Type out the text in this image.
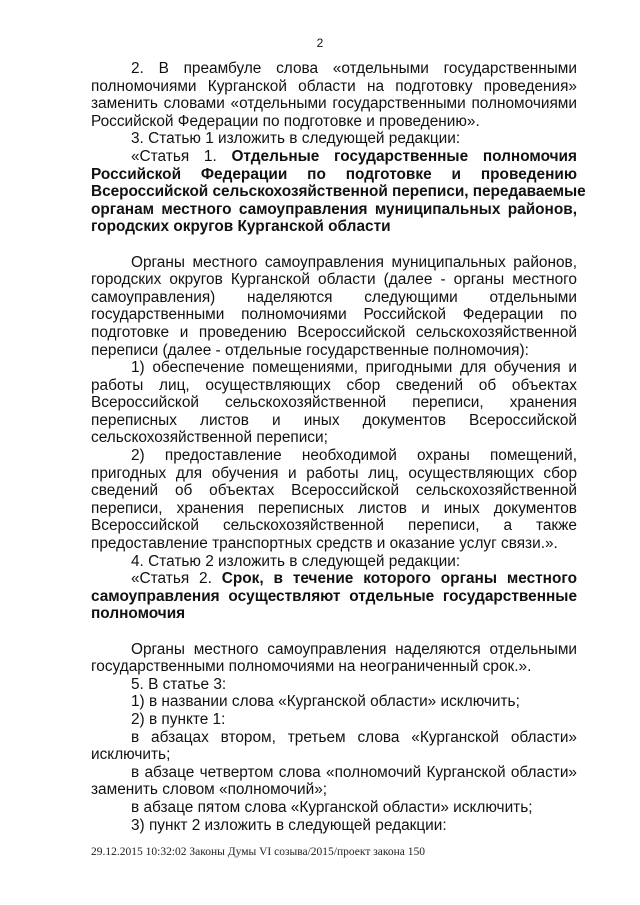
2
2. В преамбуле слова «отдельными государственными
полномочиями Курганской области на подготовку проведения»
заменить словами «отдельными государственными полномочиями
Российской Федерации по подготовке и проведению».
3. Статью 1 изложить в следующей редакции:
«Статья 1. Отдельные государственные полномочия
Российской Федерации по подготовке и проведению
Всероссийской сельскохозяйственной переписи, передаваемые
органам местного самоуправления муниципальных районов,
городских округов Курганской области
Органы местного самоуправления муниципальных районов,
городских округов Курганской области (далее - органы местного
самоуправления) наделяются следующими отдельными
государственными полномочиями Российской Федерации по
подготовке и проведению Всероссийской сельскохозяйственной
переписи (далее - отдельные государственные полномочия):
1) обеспечение помещениями, пригодными для обучения и
работы лиц, осуществляющих сбор сведений об объектах
Всероссийской сельскохозяйственной переписи, хранения
переписных листов и иных документов Всероссийской
сельскохозяйственной переписи;
2) предоставление необходимой охраны помещений,
пригодных для обучения и работы лиц, осуществляющих сбор
сведений об объектах Всероссийской сельскохозяйственной
переписи, хранения переписных листов и иных документов
Всероссийской сельскохозяйственной переписи, а также
предоставление транспортных средств и оказание услуг связи.».
4. Статью 2 изложить в следующей редакции:
«Статья 2. Срок, в течение которого органы местного
самоуправления осуществляют отдельные государственные
полномочия
Органы местного самоуправления наделяются отдельными
государственными полномочиями на неограниченный срок.».
5. В статье 3:
1) в названии слова «Курганской области» исключить;
2) в пункте 1:
в абзацах втором, третьем слова «Курганской области»
исключить;
в абзаце четвертом слова «полномочий Курганской области»
заменить словом «полномочий»;
в абзаце пятом слова «Курганской области» исключить;
3) пункт 2 изложить в следующей редакции:
29.12.2015 10:32:02 Законы Думы VI созыва/2015/проект закона 150
